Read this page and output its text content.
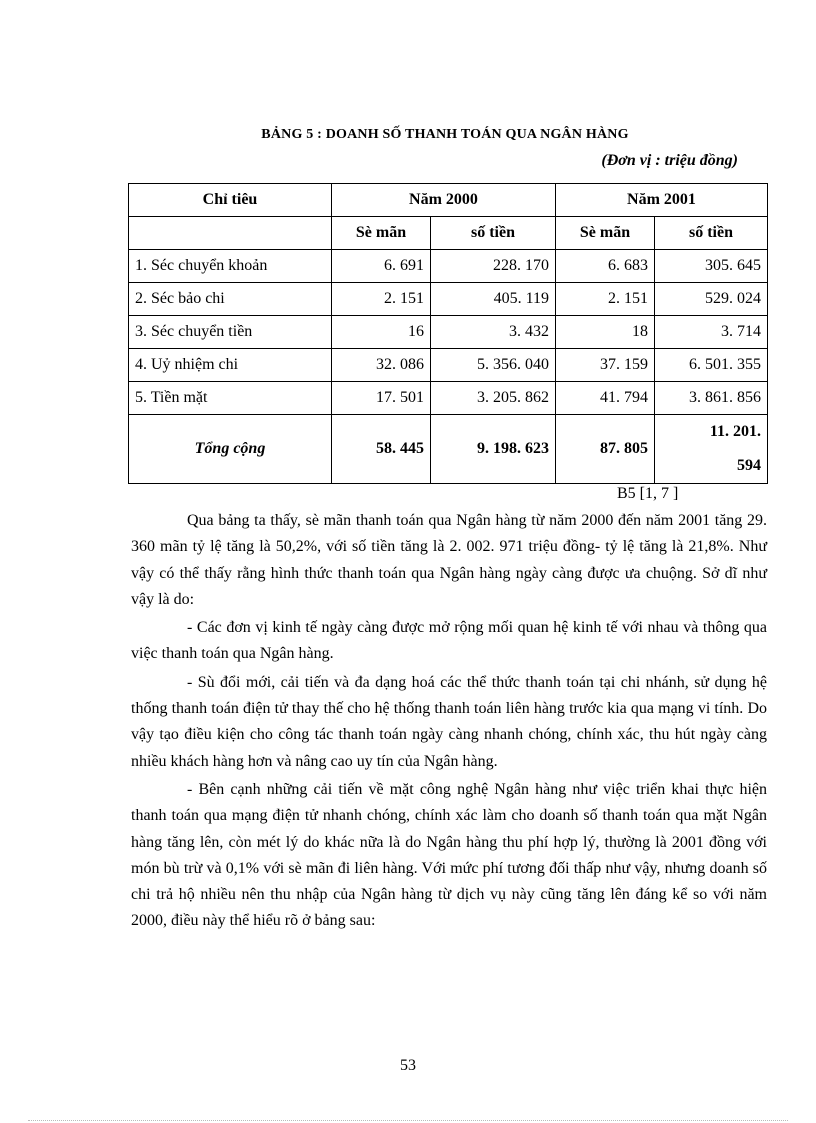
BẢNG 5 : DOANH SỐ THANH TOÁN QUA NGÂN HÀNG
(Đơn vị : triệu đồng)
Chỉ tiêu	Năm 2000		Năm 2001	
	Sè mãn	số tiền	Sè mãn	số tiền
1. Séc chuyển khoản	6. 691	228. 170	6. 683	305. 645
2. Séc bảo chi	2. 151	405. 119	2. 151	529. 024
3. Séc chuyển tiền	16	3. 432	18	3. 714
4. Uỷ nhiệm chi	32. 086	5. 356. 040	37. 159	6. 501. 355
5. Tiền mặt	17. 501	3. 205. 862	41. 794	3. 861. 856
Tổng cộng	58. 445	9. 198. 623	87. 805	11. 201.
594
B5 [1, 7 ]

Qua bảng ta thấy, sè mãn thanh toán qua Ngân hàng từ năm 2000 đến năm 2001 tăng 29. 360 mãn tỷ lệ tăng là 50,2%, với số tiền tăng là 2. 002. 971 triệu đồng- tỷ lệ tăng là 21,8%. Như vậy có thể thấy rằng hình thức thanh toán qua Ngân hàng ngày càng được ưa chuộng. Sở dĩ như vậy là do:

- Các đơn vị kinh tế ngày càng được mở rộng mối quan hệ kinh tế với nhau và thông qua việc thanh toán qua Ngân hàng.

- Sù đổi mới, cải tiến và đa dạng hoá các thể thức thanh toán tại chi nhánh, sử dụng hệ thống thanh toán điện tử thay thế cho hệ thống thanh toán liên hàng trước kia qua mạng vi tính. Do vậy tạo điều kiện cho công tác thanh toán ngày càng nhanh chóng, chính xác, thu hút ngày càng nhiều khách hàng hơn và nâng cao uy tín của Ngân hàng.

- Bên cạnh những cải tiến về mặt công nghệ Ngân hàng như việc triển khai thực hiện thanh toán qua mạng điện tử nhanh chóng, chính xác làm cho doanh số thanh toán qua mặt Ngân hàng tăng lên, còn mét lý do khác nữa là do Ngân hàng thu phí hợp lý, thường là 2001 đồng với món bù trừ và 0,1% với sè mãn đi liên hàng. Với mức phí tương đối thấp như vậy, nhưng doanh số chi trả hộ nhiều nên thu nhập của Ngân hàng từ dịch vụ này cũng tăng lên đáng kể so với năm 2000, điều này thể hiểu rõ ở bảng sau:

53
